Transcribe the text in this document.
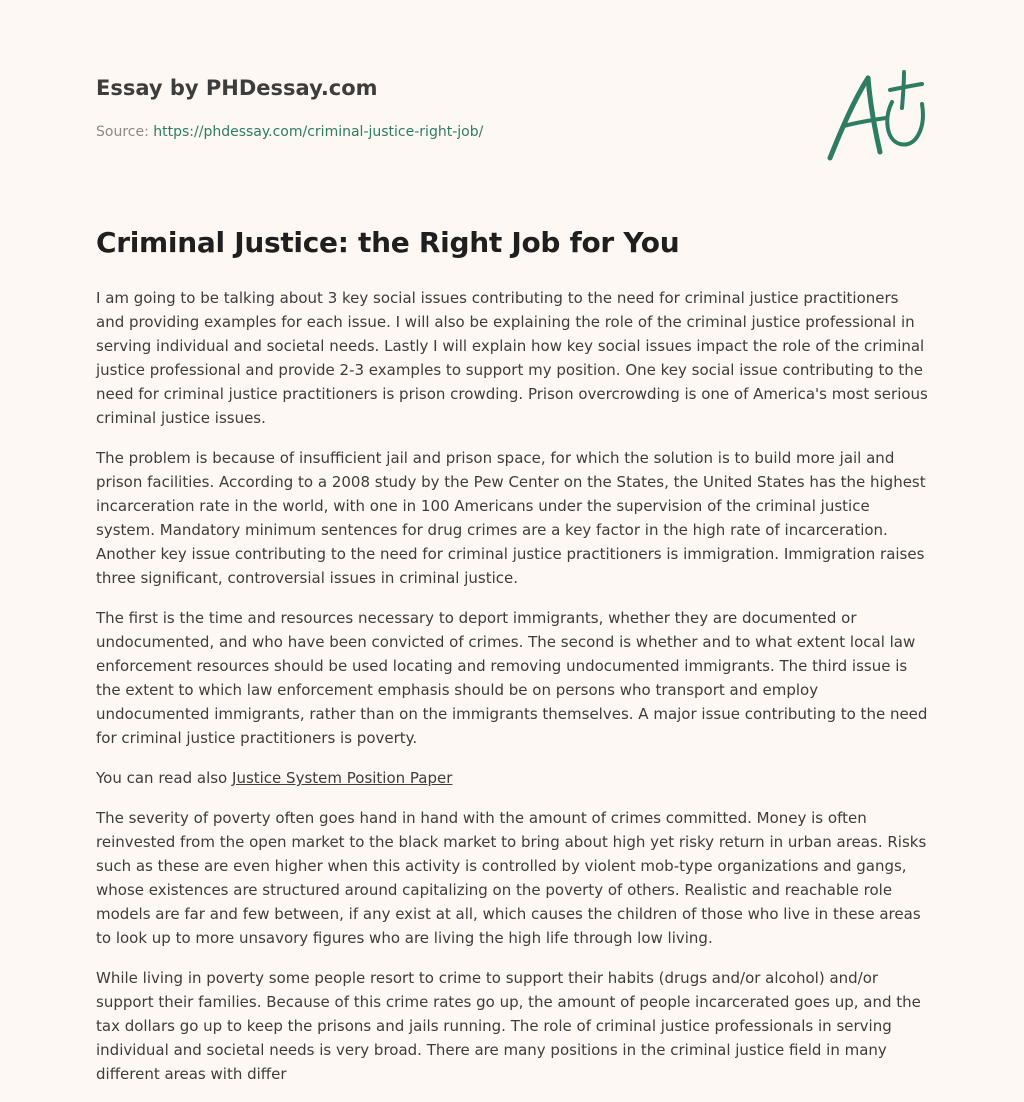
Essay by PHDessay.com
Source: https://phdessay.com/criminal-justice-right-job/
Criminal Justice: the Right Job for You

I am going to be talking about 3 key social issues contributing to the need for criminal justice practitioners and providing examples for each issue. I will also be explaining the role of the criminal justice professional in serving individual and societal needs. Lastly I will explain how key social issues impact the role of the criminal justice professional and provide 2-3 examples to support my position. One key social issue contributing to the need for criminal justice practitioners is prison crowding. Prison overcrowding is one of America's most serious criminal justice issues.

The problem is because of insufficient jail and prison space, for which the solution is to build more jail and prison facilities. According to a 2008 study by the Pew Center on the States, the United States has the highest incarceration rate in the world, with one in 100 Americans under the supervision of the criminal justice system. Mandatory minimum sentences for drug crimes are a key factor in the high rate of incarceration. Another key issue contributing to the need for criminal justice practitioners is immigration. Immigration raises three significant, controversial issues in criminal justice.

The first is the time and resources necessary to deport immigrants, whether they are documented or undocumented, and who have been convicted of crimes. The second is whether and to what extent local law enforcement resources should be used locating and removing undocumented immigrants. The third issue is the extent to which law enforcement emphasis should be on persons who transport and employ undocumented immigrants, rather than on the immigrants themselves. A major issue contributing to the need for criminal justice practitioners is poverty.

You can read also Justice System Position Paper

The severity of poverty often goes hand in hand with the amount of crimes committed. Money is often reinvested from the open market to the black market to bring about high yet risky return in urban areas. Risks such as these are even higher when this activity is controlled by violent mob-type organizations and gangs, whose existences are structured around capitalizing on the poverty of others. Realistic and reachable role models are far and few between, if any exist at all, which causes the children of those who live in these areas to look up to more unsavory figures who are living the high life through low living.

While living in poverty some people resort to crime to support their habits (drugs and/or alcohol) and/or support their families. Because of this crime rates go up, the amount of people incarcerated goes up, and the tax dollars go up to keep the prisons and jails running. The role of criminal justice professionals in serving individual and societal needs is very broad. There are many positions in the criminal justice field in many different areas with differ
